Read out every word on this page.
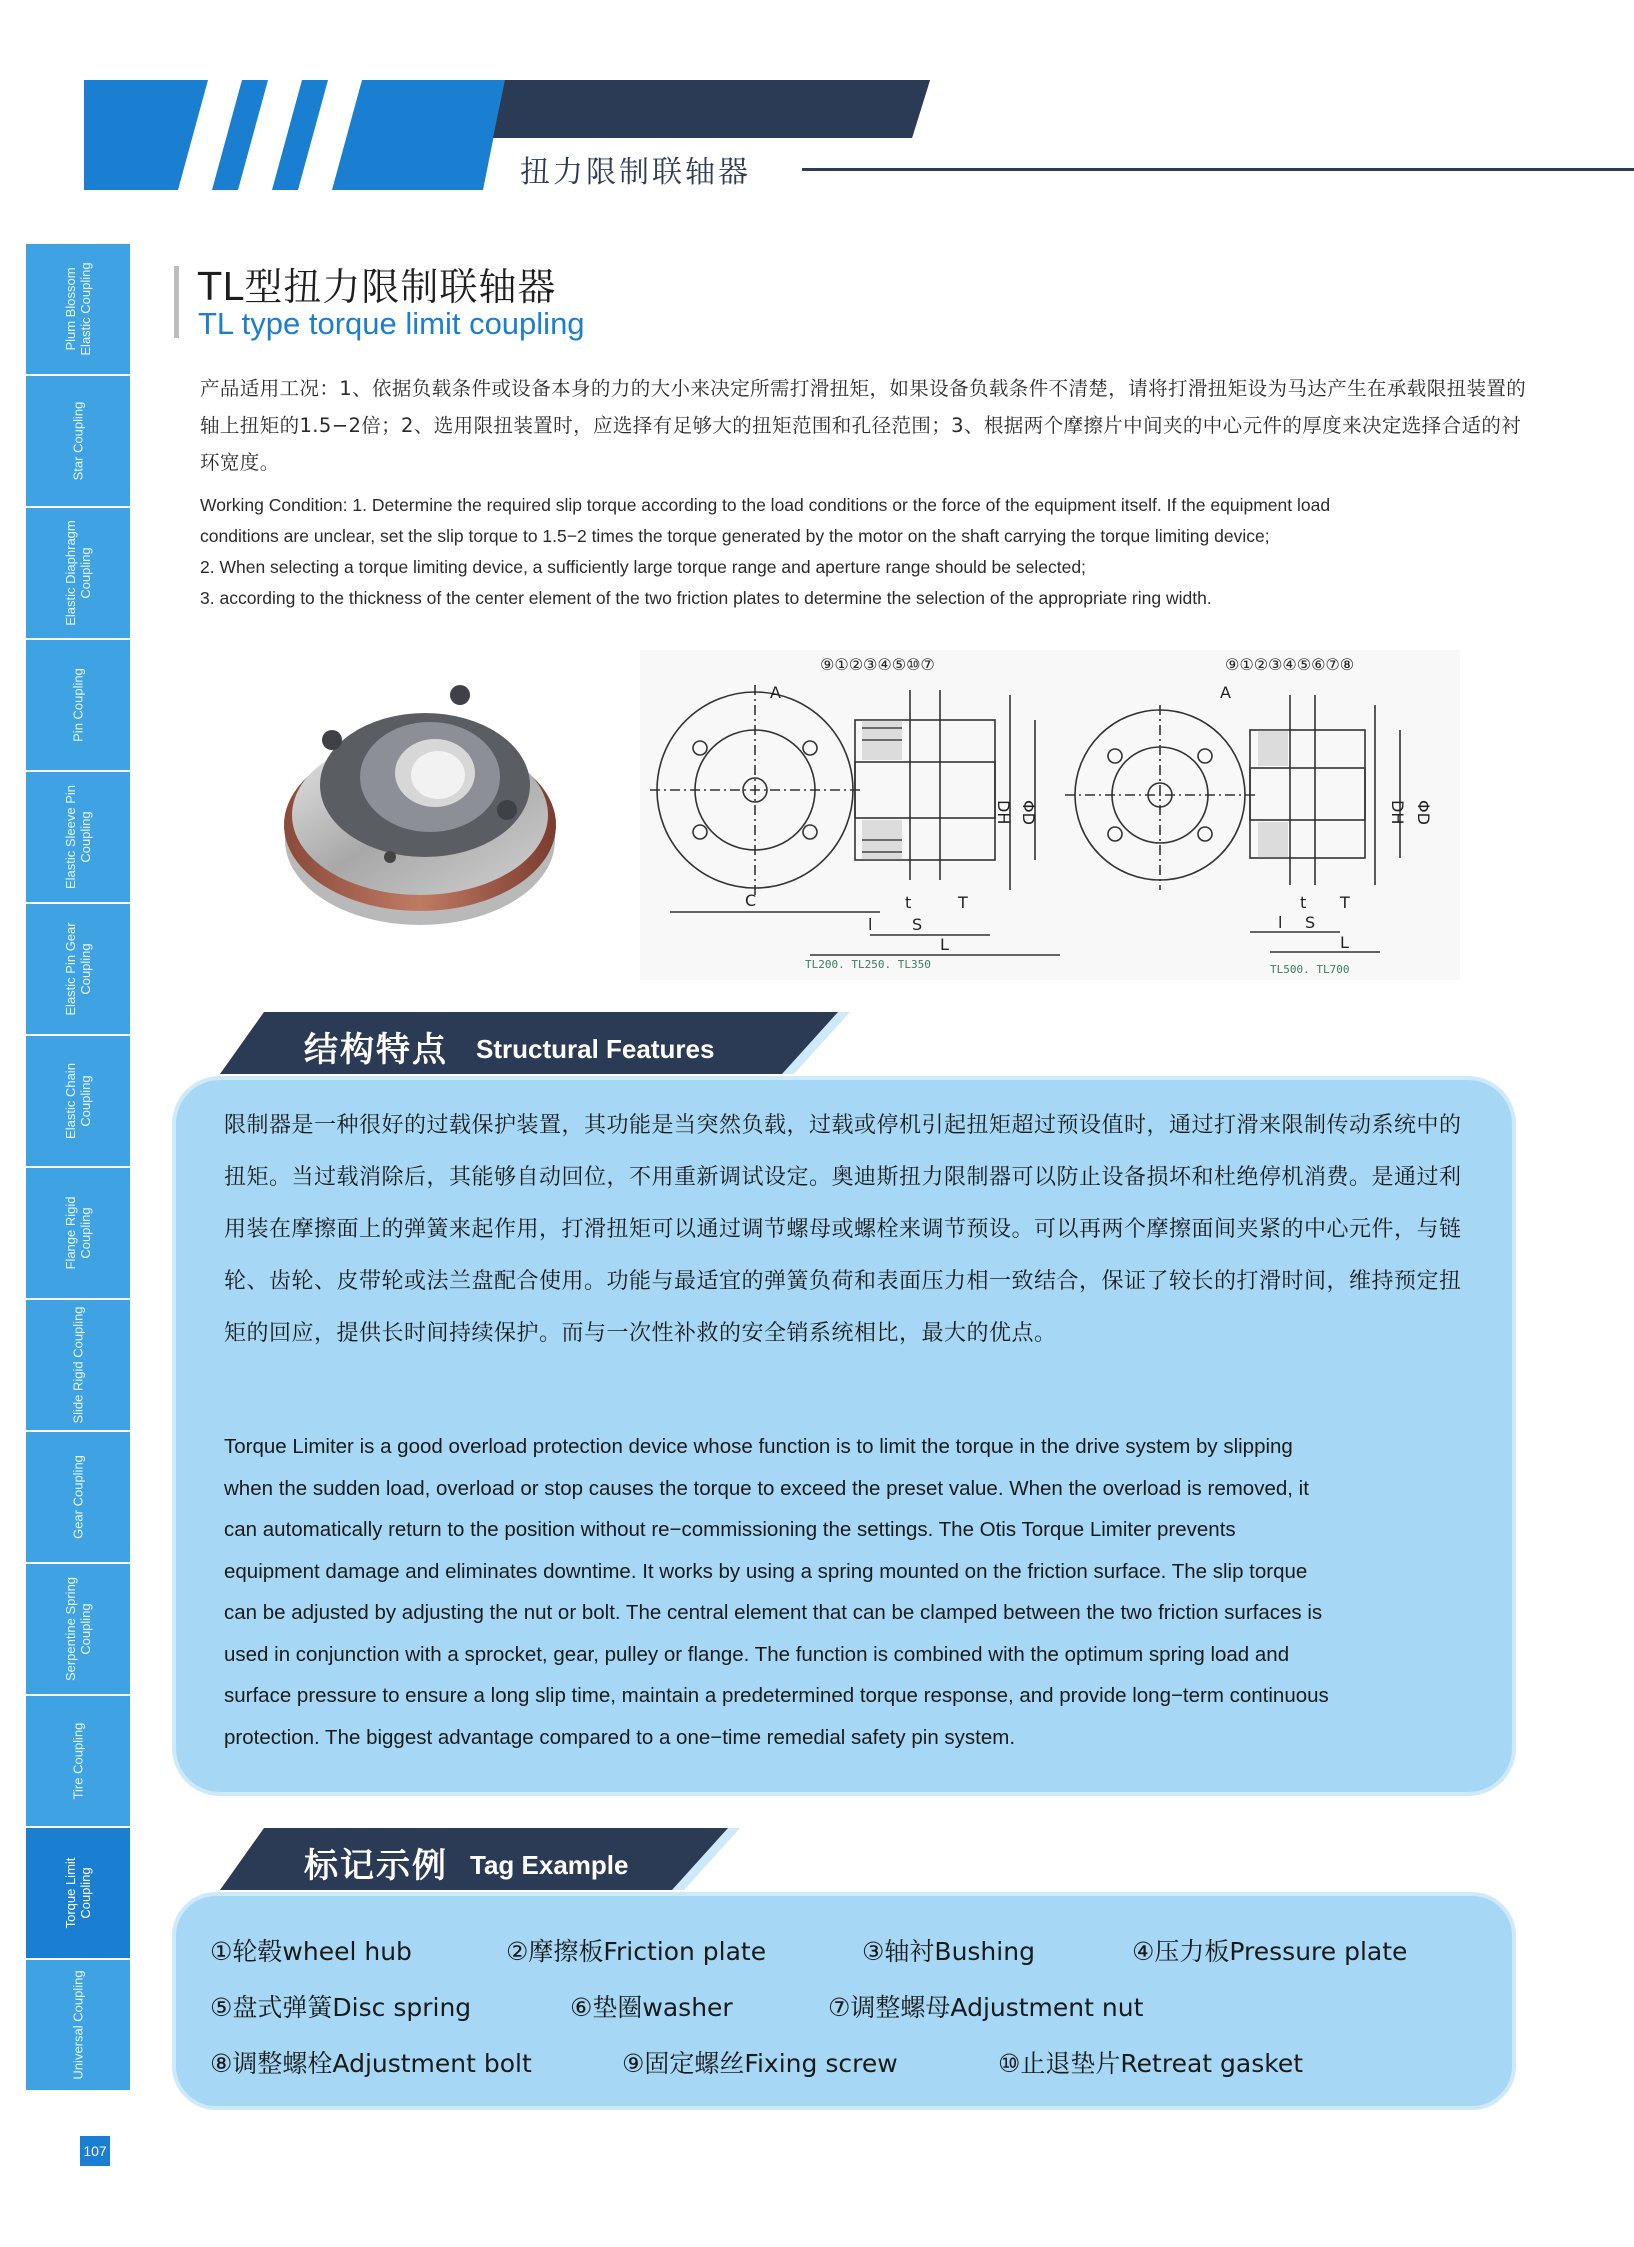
扭力限制联轴器
Plum Blossom Elastic Coupling
Star Coupling
Elastic Diaphragm Coupling
Pin Coupling
Elastic Sleeve Pin Coupling
Elastic Pin Gear Coupling
Elastic Chain Coupling
Flange Rigid Coupling
Slide Rigid Coupling
Gear Coupling
Serpentine Spring Coupling
Tire Coupling
Torque Limit Coupling
Universal Coupling
107
TL型扭力限制联轴器
TL type torque limit coupling
产品适用工况：1、依据负载条件或设备本身的力的大小来决定所需打滑扭矩，如果设备负载条件不清楚，请将打滑扭矩设为马达产生在承载限扭装置的轴上扭矩的1.5−2倍；2、选用限扭装置时，应选择有足够大的扭矩范围和孔径范围；3、根据两个摩擦片中间夹的中心元件的厚度来决定选择合适的衬环宽度。
Working Condition: 1. Determine the required slip torque according to the load conditions or the force of the equipment itself. If the equipment load
conditions are unclear, set the slip torque to 1.5−2 times the torque generated by the motor on the shaft carrying the torque limiting device;
2. When selecting a torque limiting device, a sufficiently large torque range and aperture range should be selected;
3. according to the thickness of the center element of the two friction plates to determine the selection of the appropriate ring width.
⑨①②③④⑤⑩⑦	⑨①②③④⑤⑥⑦⑧
A	A
C
DH ΦD	DH ΦD
t	T
S
l
L
t T
S
l
L
TL200. TL250. TL350	TL500. TL700
结构特点 Structural Features
限制器是一种很好的过载保护装置，其功能是当突然负载，过载或停机引起扭矩超过预设值时，通过打滑来限制传动系统中的扭矩。当过载消除后，其能够自动回位，不用重新调试设定。奥迪斯扭力限制器可以防止设备损坏和杜绝停机消费。是通过利用装在摩擦面上的弹簧来起作用，打滑扭矩可以通过调节螺母或螺栓来调节预设。可以再两个摩擦面间夹紧的中心元件，与链轮、齿轮、皮带轮或法兰盘配合使用。功能与最适宜的弹簧负荷和表面压力相一致结合，保证了较长的打滑时间，维持预定扭矩的回应，提供长时间持续保护。而与一次性补救的安全销系统相比，最大的优点。
Torque Limiter is a good overload protection device whose function is to limit the torque in the drive system by slipping
when the sudden load, overload or stop causes the torque to exceed the preset value. When the overload is removed, it
can automatically return to the position without re−commissioning the settings. The Otis Torque Limiter prevents
equipment damage and eliminates downtime. It works by using a spring mounted on the friction surface. The slip torque
can be adjusted by adjusting the nut or bolt. The central element that can be clamped between the two friction surfaces is
used in conjunction with a sprocket, gear, pulley or flange. The function is combined with the optimum spring load and
surface pressure to ensure a long slip time, maintain a predetermined torque response, and provide long−term continuous
protection. The biggest advantage compared to a one−time remedial safety pin system.
标记示例 Tag Example
①轮毂wheel hub	②摩擦板Friction plate	③轴衬Bushing	④压力板Pressure plate
⑤盘式弹簧Disc spring	⑥垫圈washer	⑦调整螺母Adjustment nut
⑧调整螺栓Adjustment bolt	⑨固定螺丝Fixing screw	⑩止退垫片Retreat gasket
